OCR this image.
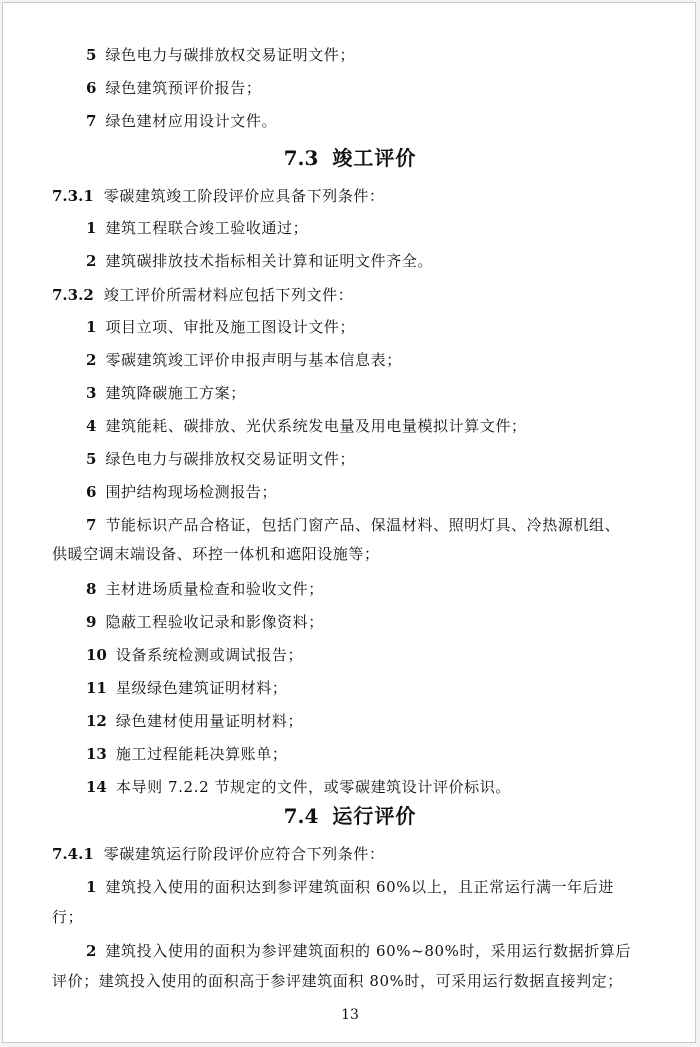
5 绿色电力与碳排放权交易证明文件；
6 绿色建筑预评价报告；
7 绿色建材应用设计文件。
7.3 竣工评价
7.3.1 零碳建筑竣工阶段评价应具备下列条件：
1 建筑工程联合竣工验收通过；
2 建筑碳排放技术指标相关计算和证明文件齐全。
7.3.2 竣工评价所需材料应包括下列文件：
1 项目立项、审批及施工图设计文件；
2 零碳建筑竣工评价申报声明与基本信息表；
3 建筑降碳施工方案；
4 建筑能耗、碳排放、光伏系统发电量及用电量模拟计算文件；
5 绿色电力与碳排放权交易证明文件；
6 围护结构现场检测报告；
7 节能标识产品合格证，包括门窗产品、保温材料、照明灯具、冷热源机组、
供暖空调末端设备、环控一体机和遮阳设施等；
8 主材进场质量检查和验收文件；
9 隐蔽工程验收记录和影像资料；
10 设备系统检测或调试报告；
11 星级绿色建筑证明材料；
12 绿色建材使用量证明材料；
13 施工过程能耗决算账单；
14 本导则 7.2.2 节规定的文件，或零碳建筑设计评价标识。
7.4 运行评价
7.4.1 零碳建筑运行阶段评价应符合下列条件：
1 建筑投入使用的面积达到参评建筑面积 60%以上，且正常运行满一年后进
行；
2 建筑投入使用的面积为参评建筑面积的 60%~80%时，采用运行数据折算后
评价；建筑投入使用的面积高于参评建筑面积 80%时，可采用运行数据直接判定；
13
